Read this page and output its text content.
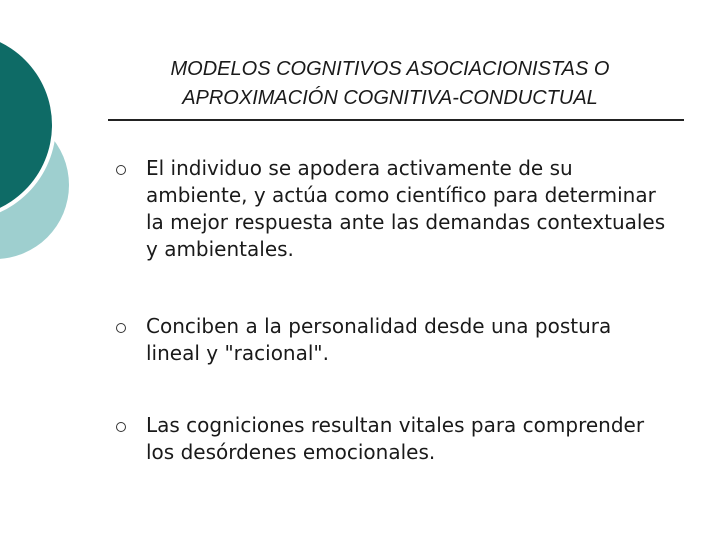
MODELOS COGNITIVOS ASOCIACIONISTAS O
APROXIMACIÓN COGNITIVA-CONDUCTUAL
El individuo se apodera activamente de su ambiente, y actúa como científico para determinar la mejor respuesta ante las demandas contextuales y ambientales.
Conciben a la personalidad desde una postura lineal y "racional".
Las cogniciones resultan vitales para comprender los desórdenes emocionales.
